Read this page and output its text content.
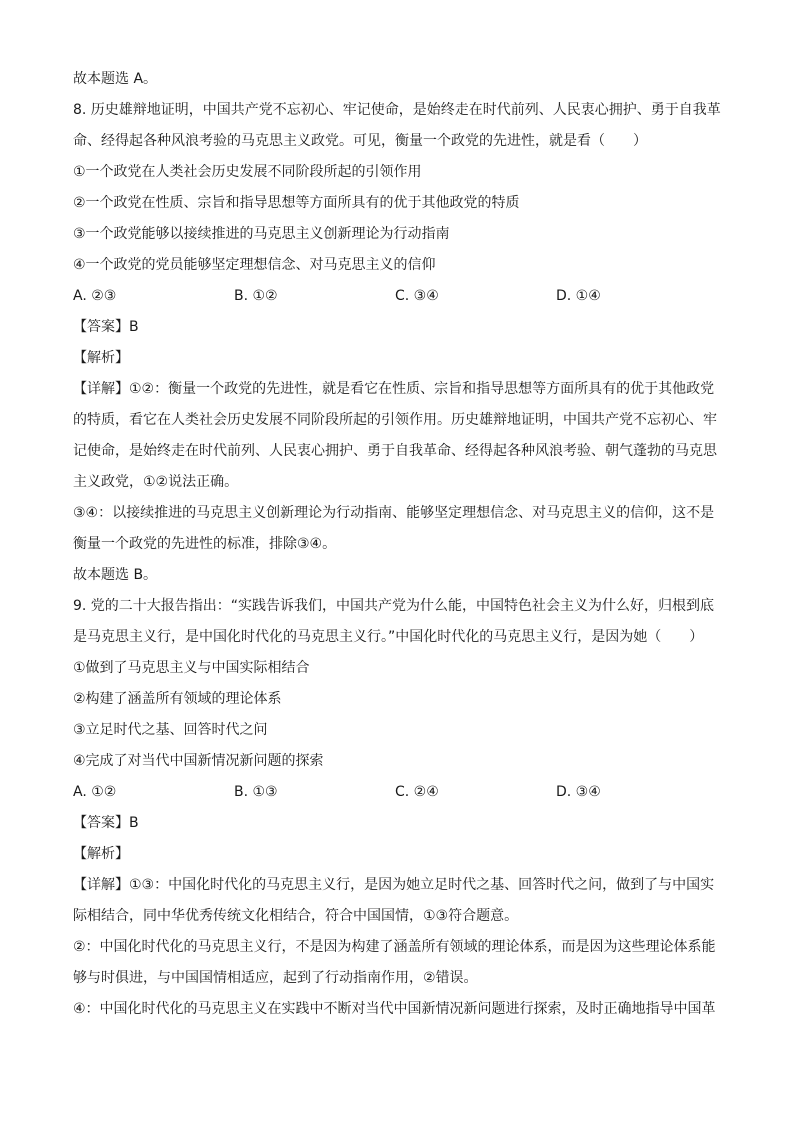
故本题选 A。
8. 历史雄辩地证明，中国共产党不忘初心、牢记使命，是始终走在时代前列、人民衷心拥护、勇于自我革命、经得起各种风浪考验的马克思主义政党。可见，衡量一个政党的先进性，就是看（　　）
①一个政党在人类社会历史发展不同阶段所起的引领作用
②一个政党在性质、宗旨和指导思想等方面所具有的优于其他政党的特质
③一个政党能够以接续推进的马克思主义创新理论为行动指南
④一个政党的党员能够坚定理想信念、对马克思主义的信仰
A. ②③	B. ①②	C. ③④	D. ①④
【答案】B
【解析】
【详解】①②：衡量一个政党的先进性，就是看它在性质、宗旨和指导思想等方面所具有的优于其他政党的特质，看它在人类社会历史发展不同阶段所起的引领作用。历史雄辩地证明，中国共产党不忘初心、牢记使命，是始终走在时代前列、人民衷心拥护、勇于自我革命、经得起各种风浪考验、朝气蓬勃的马克思主义政党，①②说法正确。
③④：以接续推进的马克思主义创新理论为行动指南、能够坚定理想信念、对马克思主义的信仰，这不是衡量一个政党的先进性的标准，排除③④。
故本题选 B。
9. 党的二十大报告指出：“实践告诉我们，中国共产党为什么能，中国特色社会主义为什么好，归根到底是马克思主义行，是中国化时代化的马克思主义行。”中国化时代化的马克思主义行，是因为她（　　）
①做到了马克思主义与中国实际相结合
②构建了涵盖所有领域的理论体系
③立足时代之基、回答时代之问
④完成了对当代中国新情况新问题的探索
A. ①②	B. ①③	C. ②④	D. ③④
【答案】B
【解析】
【详解】①③：中国化时代化的马克思主义行，是因为她立足时代之基、回答时代之问，做到了与中国实际相结合，同中华优秀传统文化相结合，符合中国国情，①③符合题意。
②：中国化时代化的马克思主义行，不是因为构建了涵盖所有领域的理论体系，而是因为这些理论体系能够与时俱进，与中国国情相适应，起到了行动指南作用，②错误。
④：中国化时代化的马克思主义在实践中不断对当代中国新情况新问题进行探索，及时正确地指导中国革
